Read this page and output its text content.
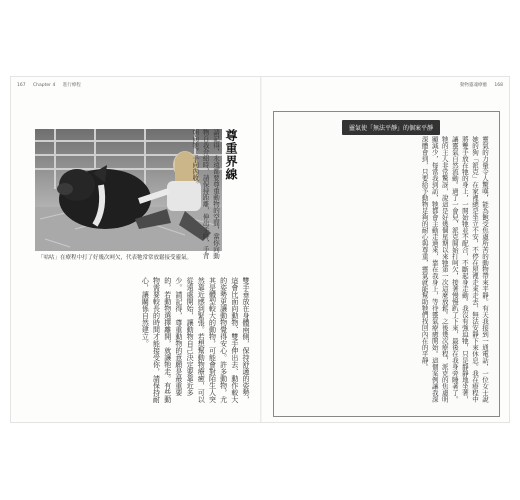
167 Chapter 4 進行療程	動物靈魂療癒 168
「咕咕」在療程中打了好幾次呵欠，代表牠常常放鬆接受靈氣。
尊重界線
請記得，永遠都要尊重動物的空間，當你向動物自我介紹時，請保持距離，伸出手時，手背朝向牠，手向內收。
雙手垂放在身體兩側，保持舒適的姿勢，這會比面向動物、雙手伸出去、動作較大的姿勢更讓動物覺得安心。許多動物，尤其是體型較大的動物，可能會對陌生人突然靠近感到緊張。若想幫動物療癒，可以從遠處開始，讓動物自己決定要靠近多少。請記得，尊重動物的意願是最重要的，若動物選擇離開，就讓牠走。有些動物需要較長的時間才能接受你，請保持耐心，讓關係自然建立。
靈氣使「無法平靜」的個案平靜
靈氣的力量令人驚嘆，能為飽受焦慮所苦的動物帶來平靜。有天我接到一通電話，一位女士說她的狗「派克」在家裡總是坐立不安，不停在屋裡走來走去，無法安靜下來休息。我在療程中將雙手放在牠的身上，一開始牠並不配合，不斷起身走動。我沒有強迫牠，只是靜靜地坐著，讓靈氣自然流動。過了一會兒，派克開始打呵欠，接著慢慢趴了下來，最後在我身旁睡著了。牠的主人非常驚訝，說這是好幾個星期以來牠第一次這麼放鬆。之後幾次療程，派克的焦慮明顯減少，每當我到訪，牠都會主動走過來，靠在我身上，等待靈氣療癒開始。這個案例讓我深深體會到，只要給予動物足夠的耐心與尊重，靈氣就能幫助牠們找回內在的平靜。
